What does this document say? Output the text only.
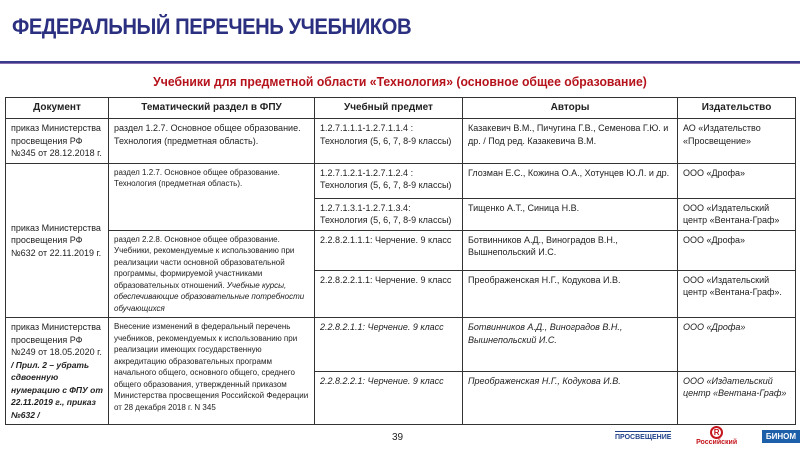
ФЕДЕРАЛЬНЫЙ ПЕРЕЧЕНЬ УЧЕБНИКОВ
Учебники для предметной области «Технология» (основное общее образование)
Документ	Тематический раздел в ФПУ	Учебный предмет	Авторы	Издательство
приказ Министерства просвещения РФ №345 от 28.12.2018 г.	раздел 1.2.7. Основное общее образование. Технология (предметная область).	1.2.7.1.1.1-1.2.7.1.1.4 : Технология (5, 6, 7, 8-9 классы)	Казакевич В.М., Пичугина Г.В., Семенова Г.Ю. и др. / Под ред. Казакевича В.М.	АО «Издательство «Просвещение»
приказ Министерства просвещения РФ №632 от 22.11.2019 г.	раздел 1.2.7. Основное общее образование. Технология (предметная область).	1.2.7.1.2.1-1.2.7.1.2.4 : Технология (5, 6, 7, 8-9 классы)	Глозман Е.С., Кожина О.А., Хотунцев Ю.Л. и др.	ООО «Дрофа»
		1.2.7.1.3.1-1.2.7.1.3.4: Технология (5, 6, 7, 8-9 классы)	Тищенко А.Т., Синица Н.В.	ООО «Издательский центр «Вентана-Граф»
	раздел 2.2.8. Основное общее образование. Учебники, рекомендуемые к использованию при реализации части основной образовательной программы, формируемой участниками образовательных отношений. Учебные курсы, обеспечивающие образовательные потребности обучающихся	2.2.8.2.1.1.1: Черчение. 9 класс	Ботвинников А.Д., Виноградов В.Н., Вышнепольский И.С.	ООО «Дрофа»
		2.2.8.2.2.1.1: Черчение. 9 класс	Преображенская Н.Г., Кодукова И.В.	ООО «Издательский центр «Вентана-Граф».
приказ Министерства просвещения РФ №249 от 18.05.2020 г. / Прил. 2 – убрать сдвоенную нумерацию с ФПУ от 22.11.2019 г., приказ №632 /	Внесение изменений в федеральный перечень учебников, рекомендуемых к использованию при реализации имеющих государственную аккредитацию образовательных программ начального общего, основного общего, среднего общего образования, утвержденный приказом Министерства просвещения Российской Федерации от 28 декабря 2018 г. N 345	2.2.8.2.1.1: Черчение. 9 класс	Ботвинников А.Д., Виноградов В.Н., Вышнепольский И.С.	ООО «Дрофа»
		2.2.8.2.2.1: Черчение. 9 класс	Преображенская Н.Г., Кодукова И.В.	ООО «Издательский центр «Вентана-Граф»
39	ПРОСВЕЩЕНИЕ
R Российский
БИНОМ
